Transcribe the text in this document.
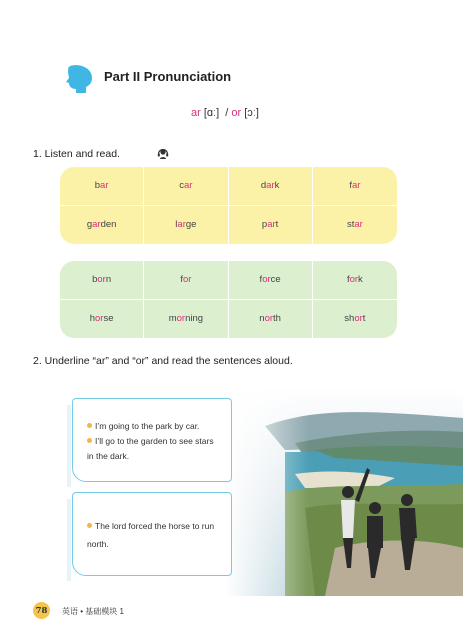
Part II Pronunciation
ar [ɑː] / or [ɔː]
1. Listen and read.
b ar	c ar	d ar k	f ar
g ar den	l ar ge	p ar t	st ar
b or n	f or	f or ce	f or k
h or se	m or ning	n or th	sh or t
2. Underline “ar” and “or” and read the sentences aloud.
I’m going to the park by car.
I’ll go to the garden to see stars
in the dark.
The lord forced the horse to run
north.
78	英语 • 基础模块 1
